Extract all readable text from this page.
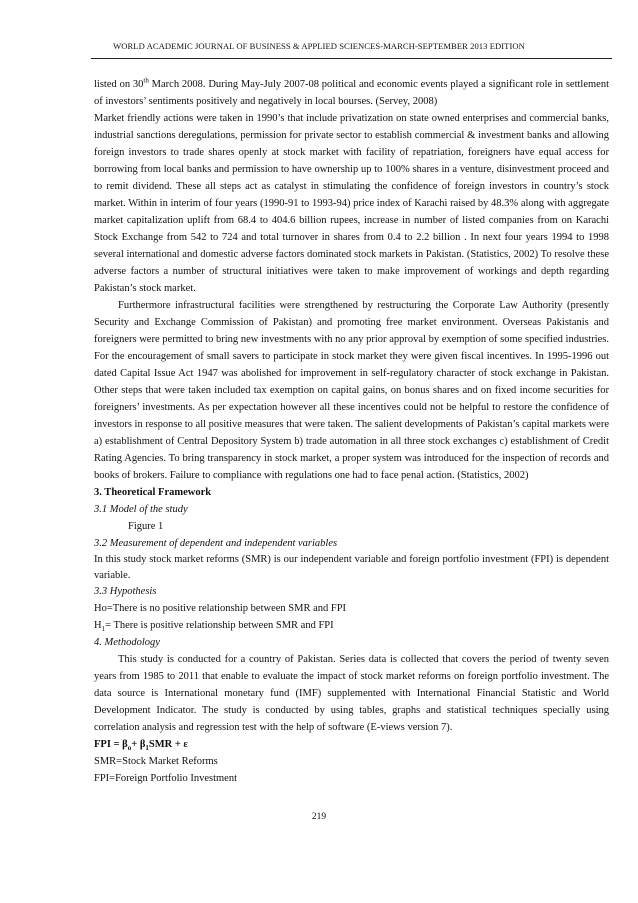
WORLD ACADEMIC JOURNAL OF BUSINESS & APPLIED SCIENCES-MARCH-SEPTEMBER 2013 EDITION

listed on 30th March 2008. During May-July 2007-08 political and economic events played a significant role in settlement of investors’ sentiments positively and negatively in local bourses. (Servey, 2008)

Market friendly actions were taken in 1990’s that include privatization on state owned enterprises and commercial banks, industrial sanctions deregulations, permission for private sector to establish commercial & investment banks and allowing foreign investors to trade shares openly at stock market with facility of repatriation, foreigners have equal access for borrowing from local banks and permission to have ownership up to 100% shares in a venture, disinvestment proceed and to remit dividend. These all steps act as catalyst in stimulating the confidence of foreign investors in country’s stock market. Within in interim of four years (1990-91 to 1993-94) price index of Karachi raised by 48.3% along with aggregate market capitalization uplift from 68.4 to 404.6 billion rupees, increase in number of listed companies from on Karachi Stock Exchange from 542 to 724 and total turnover in shares from 0.4 to 2.2 billion . In next four years 1994 to 1998 several international and domestic adverse factors dominated stock markets in Pakistan. (Statistics, 2002) To resolve these adverse factors a number of structural initiatives were taken to make improvement of workings and depth regarding Pakistan’s stock market.

Furthermore infrastructural facilities were strengthened by restructuring the Corporate Law Authority (presently Security and Exchange Commission of Pakistan) and promoting free market environment. Overseas Pakistanis and foreigners were permitted to bring new investments with no any prior approval by exemption of some specified industries. For the encouragement of small savers to participate in stock market they were given fiscal incentives. In 1995-1996 out dated Capital Issue Act 1947 was abolished for improvement in self-regulatory character of stock exchange in Pakistan. Other steps that were taken included tax exemption on capital gains, on bonus shares and on fixed income securities for foreigners’ investments. As per expectation however all these incentives could not be helpful to restore the confidence of investors in response to all positive measures that were taken. The salient developments of Pakistan’s capital markets were a) establishment of Central Depository System b) trade automation in all three stock exchanges c) establishment of Credit Rating Agencies. To bring transparency in stock market, a proper system was introduced for the inspection of records and books of brokers. Failure to compliance with regulations one had to face penal action. (Statistics, 2002)

3. Theoretical Framework

3.1 Model of the study

Figure 1

3.2 Measurement of dependent and independent variables

In this study stock market reforms (SMR) is our independent variable and foreign portfolio investment (FPI) is dependent variable.

3.3 Hypothesis

Ho=There is no positive relationship between SMR and FPI

$H_1=$ There is positive relationship between SMR and FPI

4. Methodology

This study is conducted for a country of Pakistan. Series data is collected that covers the period of twenty seven years from 1985 to 2011 that enable to evaluate the impact of stock market reforms on foreign portfolio investment. The data source is International monetary fund (IMF) supplemented with International Financial Statistic and World Development Indicator. The study is conducted by using tables, graphs and statistical techniques specially using correlation analysis and regression test with the help of software (E-views version 7).

FPI = $\beta_o+ \beta_1SMR + \varepsilon$

SMR=Stock Market Reforms

FPI=Foreign Portfolio Investment

219
